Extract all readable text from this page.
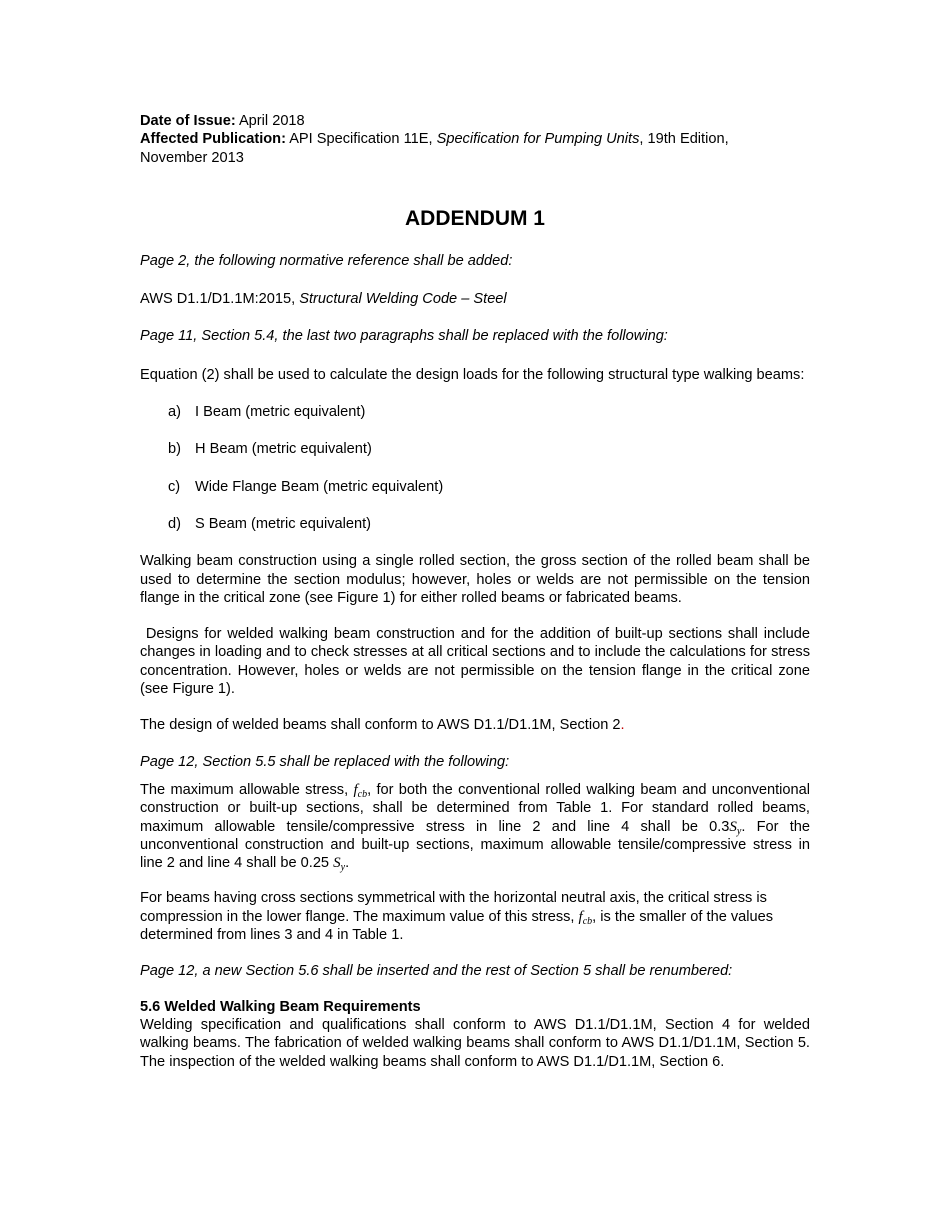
Date of Issue: April 2018

Affected Publication: API Specification 11E, Specification for Pumping Units, 19th Edition,
November 2013

ADDENDUM 1

Page 2, the following normative reference shall be added:

AWS D1.1/D1.1M:2015, Structural Welding Code – Steel

Page 11, Section 5.4, the last two paragraphs shall be replaced with the following:

Equation (2) shall be used to calculate the design loads for the following structural type walking beams:

a) I Beam (metric equivalent)
b) H Beam (metric equivalent)
c)	Wide Flange Beam (metric equivalent)
d) S Beam (metric equivalent)

Walking beam construction using a single rolled section, the gross section of the rolled beam shall be used to determine the section modulus; however, holes or welds are not permissible on the tension flange in the critical zone (see Figure 1) for either rolled beams or fabricated beams.

Designs for welded walking beam construction and for the addition of built-up sections shall include changes in loading and to check stresses at all critical sections and to include the calculations for stress concentration. However, holes or welds are not permissible on the tension flange in the critical zone (see Figure 1).

The design of welded beams shall conform to AWS D1.1/D1.1M, Section 2.

Page 12, Section 5.5 shall be replaced with the following:

The maximum allowable stress, $f_{cb}$, for both the conventional rolled walking beam and unconventional construction or built-up sections, shall be determined from Table 1. For standard rolled beams, maximum allowable tensile/compressive stress in line 2 and line 4 shall be $0.3S_y$. For the unconventional construction and built-up sections, maximum allowable tensile/compressive stress in line 2 and line 4 shall be 0.25 $S_y$.

For beams having cross sections symmetrical with the horizontal neutral axis, the critical stress is compression in the lower flange. The maximum value of this stress, $f_{cb}$, is the smaller of the values determined from lines 3 and 4 in Table 1.

Page 12, a new Section 5.6 shall be inserted and the rest of Section 5 shall be renumbered:

5.6 Welded Walking Beam Requirements

Welding specification and qualifications shall conform to AWS D1.1/D1.1M, Section 4 for welded walking beams. The fabrication of welded walking beams shall conform to AWS D1.1/D1.1M, Section 5. The inspection of the welded walking beams shall conform to AWS D1.1/D1.1M, Section 6.
